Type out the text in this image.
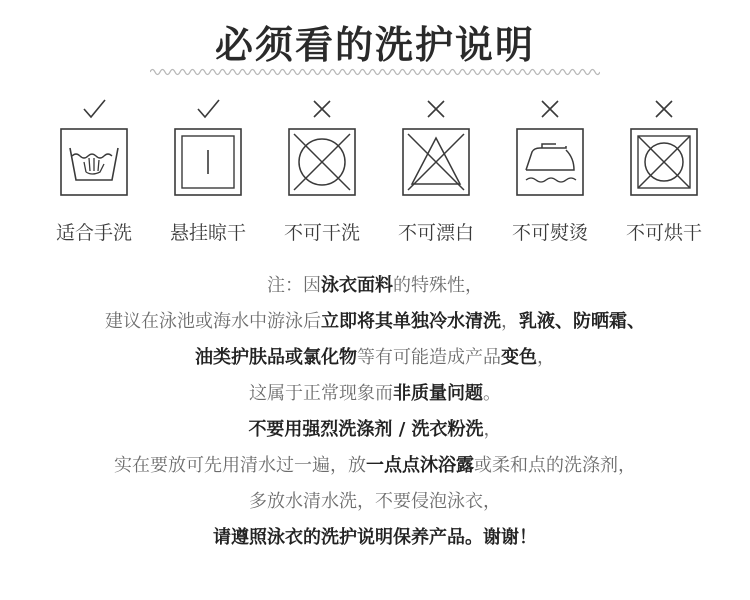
必须看的洗护说明
适合手洗	悬挂晾干	不可干洗	不可漂白	不可熨烫	不可烘干
注：因泳衣面料的特殊性，
建议在泳池或海水中游泳后立即将其单独冷水清洗，乳液、防晒霜、
油类护肤品或氯化物等有可能造成产品变色，
这属于正常现象而非质量问题。
不要用强烈洗涤剂 / 洗衣粉洗，
实在要放可先用清水过一遍，放一点点沐浴露或柔和点的洗涤剂，
多放水清水洗，不要侵泡泳衣，
请遵照泳衣的洗护说明保养产品。谢谢！
